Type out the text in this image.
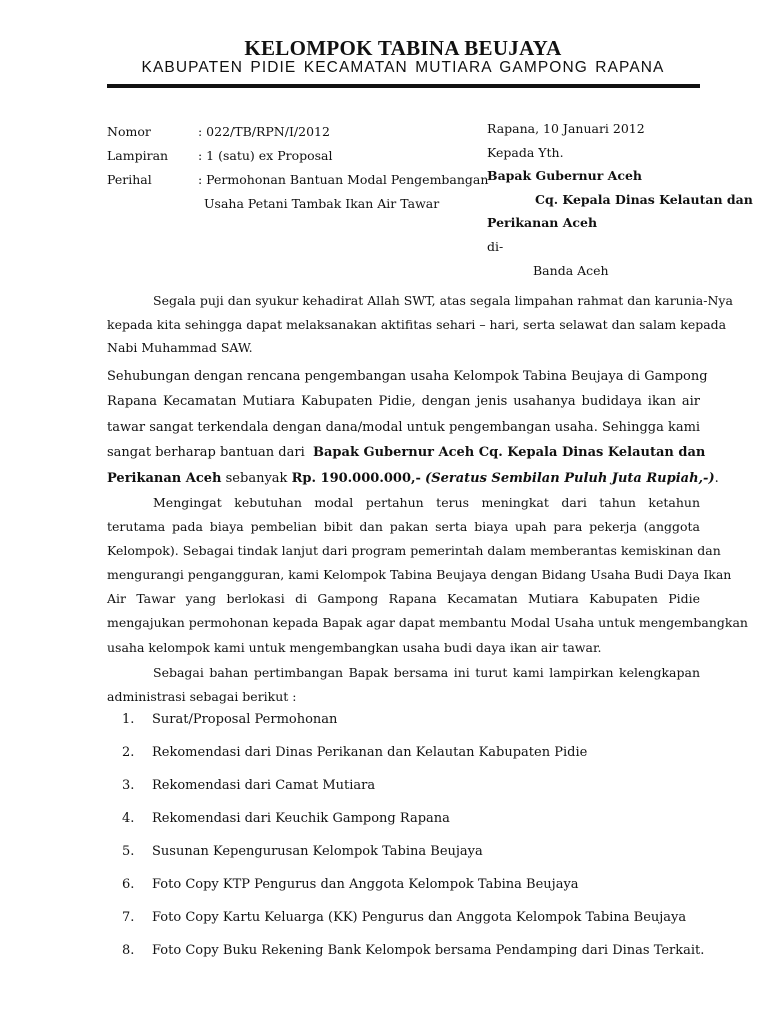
KELOMPOK TABINA BEUJAYA
KABUPATEN PIDIE KECAMATAN MUTIARA GAMPONG RAPANA
Nomor	: 022/TB/RPN/I/2012
Lampiran : 1 (satu) ex Proposal
Perihal	: Permohonan Bantuan Modal Pengembangan
Usaha Petani Tambak Ikan Air Tawar
Rapana, 10 Januari 2012
Kepada Yth.
Bapak Gubernur Aceh
Cq. Kepala Dinas Kelautan dan
Perikanan Aceh
di-
Banda Aceh
Segala puji dan syukur kehadirat Allah SWT, atas segala limpahan rahmat dan karunia-Nya
kepada kita sehingga dapat melaksanakan aktifitas sehari – hari, serta selawat dan salam kepada
Nabi Muhammad SAW.
Sehubungan dengan rencana pengembangan usaha Kelompok Tabina Beujaya di Gampong
Rapana Kecamatan Mutiara Kabupaten Pidie, dengan jenis usahanya budidaya ikan air
tawar sangat terkendala dengan dana/modal untuk pengembangan usaha. Sehingga kami
sangat berharap bantuan dari Bapak Gubernur Aceh Cq. Kepala Dinas Kelautan dan
Perikanan Aceh sebanyak Rp. 190.000.000,- (Seratus Sembilan Puluh Juta Rupiah,-).
Mengingat kebutuhan modal pertahun terus meningkat dari tahun ketahun
terutama pada biaya pembelian bibit dan pakan serta biaya upah para pekerja (anggota
Kelompok). Sebagai tindak lanjut dari program pemerintah dalam memberantas kemiskinan dan
mengurangi pengangguran, kami Kelompok Tabina Beujaya dengan Bidang Usaha Budi Daya Ikan
Air Tawar yang berlokasi di Gampong Rapana Kecamatan Mutiara Kabupaten Pidie
mengajukan permohonan kepada Bapak agar dapat membantu Modal Usaha untuk mengembangkan
usaha kelompok kami untuk mengembangkan usaha budi daya ikan air tawar.
Sebagai bahan pertimbangan Bapak bersama ini turut kami lampirkan kelengkapan
administrasi sebagai berikut :
1. Surat/Proposal Permohonan
2. Rekomendasi dari Dinas Perikanan dan Kelautan Kabupaten Pidie
3. Rekomendasi dari Camat Mutiara
4. Rekomendasi dari Keuchik Gampong Rapana
5. Susunan Kepengurusan Kelompok Tabina Beujaya
6. Foto Copy KTP Pengurus dan Anggota Kelompok Tabina Beujaya
7. Foto Copy Kartu Keluarga (KK) Pengurus dan Anggota Kelompok Tabina Beujaya
8. Foto Copy Buku Rekening Bank Kelompok bersama Pendamping dari Dinas Terkait.
